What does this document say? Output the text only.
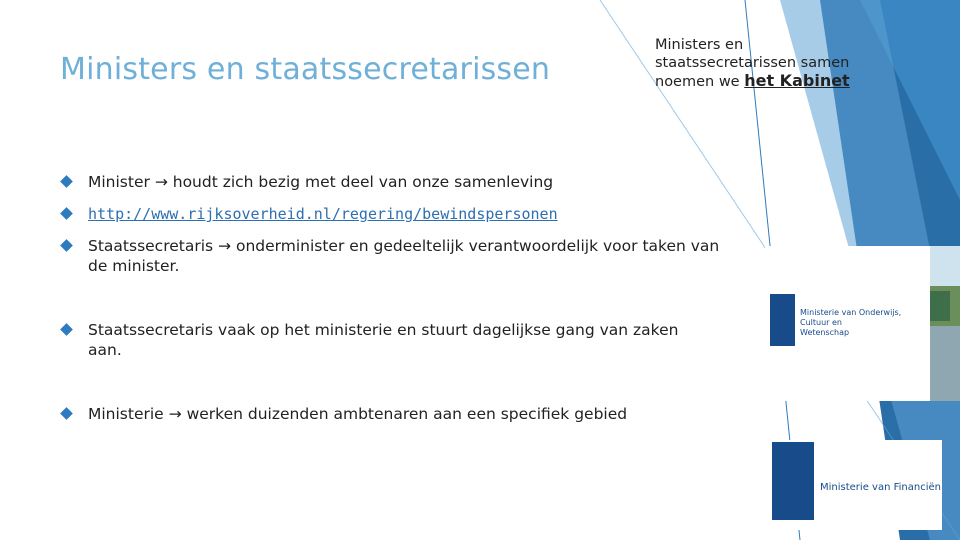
Ministers en staatssecretarissen
Ministers en
staatssecretarissen samen
noemen we het Kabinet
Minister → houdt zich bezig met deel van onze samenleving
http://www.rijksoverheid.nl/regering/bewindspersonen
Staatssecretaris → onderminister en gedeeltelijk verantwoordelijk voor taken van de minister.
Staatssecretaris vaak op het ministerie en stuurt dagelijkse gang van zaken aan.
Ministerie → werken duizenden ambtenaren aan een specifiek gebied
Ministerie van Onderwijs, Cultuur en
Wetenschap
Ministerie van Financiën
